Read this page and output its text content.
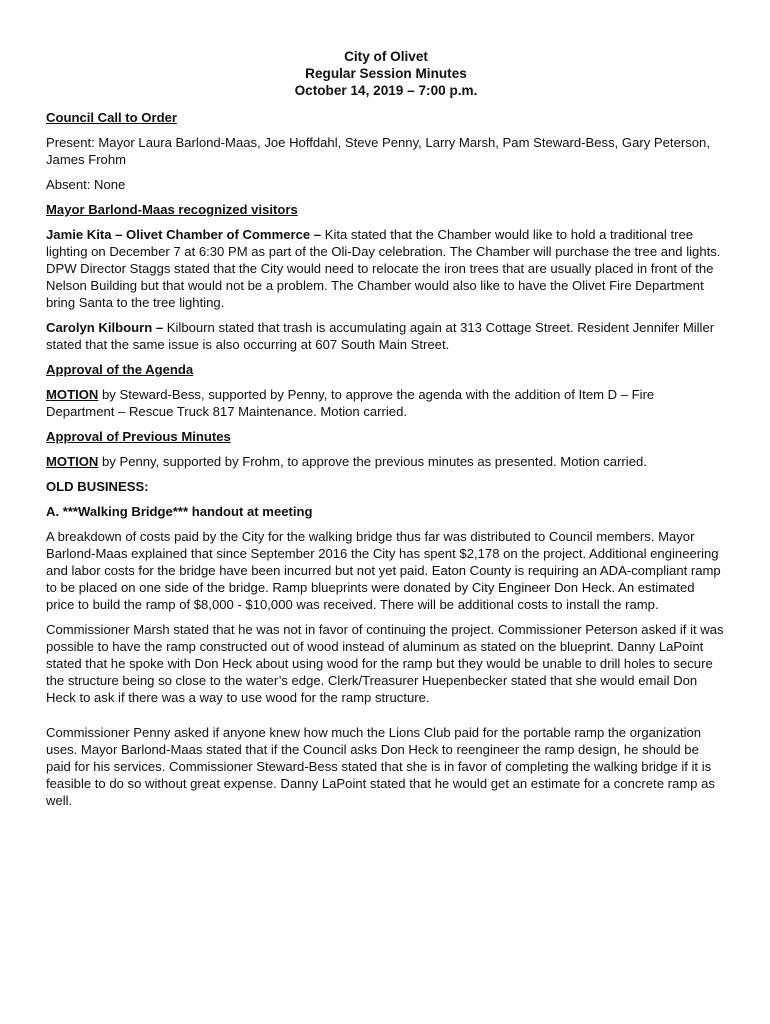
City of Olivet
Regular Session Minutes
October 14, 2019 – 7:00 p.m.
Council Call to Order

Present: Mayor Laura Barlond-Maas, Joe Hoffdahl, Steve Penny, Larry Marsh, Pam Steward-Bess, Gary Peterson, James Frohm

Absent: None

Mayor Barlond-Maas recognized visitors

Jamie Kita – Olivet Chamber of Commerce – Kita stated that the Chamber would like to hold a traditional tree lighting on December 7 at 6:30 PM as part of the Oli-Day celebration. The Chamber will purchase the tree and lights. DPW Director Staggs stated that the City would need to relocate the iron trees that are usually placed in front of the Nelson Building but that would not be a problem. The Chamber would also like to have the Olivet Fire Department bring Santa to the tree lighting.

Carolyn Kilbourn – Kilbourn stated that trash is accumulating again at 313 Cottage Street. Resident Jennifer Miller stated that the same issue is also occurring at 607 South Main Street.

Approval of the Agenda

MOTION by Steward-Bess, supported by Penny, to approve the agenda with the addition of Item D – Fire Department – Rescue Truck 817 Maintenance. Motion carried.

Approval of Previous Minutes

MOTION by Penny, supported by Frohm, to approve the previous minutes as presented. Motion carried.

OLD BUSINESS:
A. ***Walking Bridge*** handout at meeting

A breakdown of costs paid by the City for the walking bridge thus far was distributed to Council members. Mayor Barlond-Maas explained that since September 2016 the City has spent $2,178 on the project. Additional engineering and labor costs for the bridge have been incurred but not yet paid. Eaton County is requiring an ADA-compliant ramp to be placed on one side of the bridge. Ramp blueprints were donated by City Engineer Don Heck. An estimated price to build the ramp of $8,000 - $10,000 was received. There will be additional costs to install the ramp.

Commissioner Marsh stated that he was not in favor of continuing the project. Commissioner Peterson asked if it was possible to have the ramp constructed out of wood instead of aluminum as stated on the blueprint. Danny LaPoint stated that he spoke with Don Heck about using wood for the ramp but they would be unable to drill holes to secure the structure being so close to the water’s edge. Clerk/Treasurer Huepenbecker stated that she would email Don Heck to ask if there was a way to use wood for the ramp structure.

Commissioner Penny asked if anyone knew how much the Lions Club paid for the portable ramp the organization uses. Mayor Barlond-Maas stated that if the Council asks Don Heck to reengineer the ramp design, he should be paid for his services. Commissioner Steward-Bess stated that she is in favor of completing the walking bridge if it is feasible to do so without great expense. Danny LaPoint stated that he would get an estimate for a concrete ramp as well.
